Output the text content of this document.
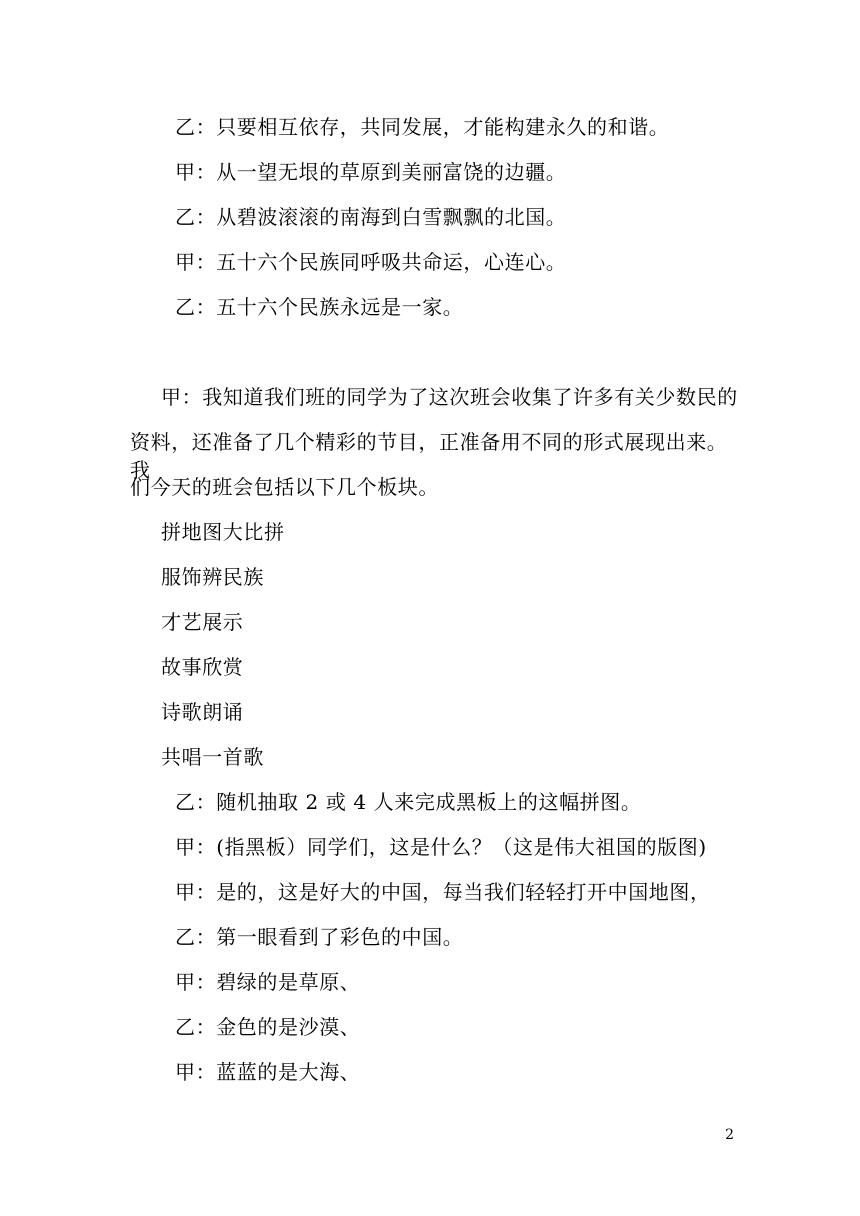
乙：只要相互依存，共同发展，才能构建永久的和谐。
甲：从一望无垠的草原到美丽富饶的边疆。
乙：从碧波滚滚的南海到白雪飘飘的北国。
甲：五十六个民族同呼吸共命运，心连心。
乙：五十六个民族永远是一家。
甲：我知道我们班的同学为了这次班会收集了许多有关少数民的
资料，还准备了几个精彩的节目，正准备用不同的形式展现出来。我
们今天的班会包括以下几个板块。
拼地图大比拼
服饰辨民族
才艺展示
故事欣赏
诗歌朗诵
共唱一首歌
乙：随机抽取 2 或 4 人来完成黑板上的这幅拼图。
甲：(指黑板）同学们，这是什么？（这是伟大祖国的版图)
甲：是的，这是好大的中国，每当我们轻轻打开中国地图，
乙：第一眼看到了彩色的中国。
甲：碧绿的是草原、
乙：金色的是沙漠、
甲：蓝蓝的是大海、
2
